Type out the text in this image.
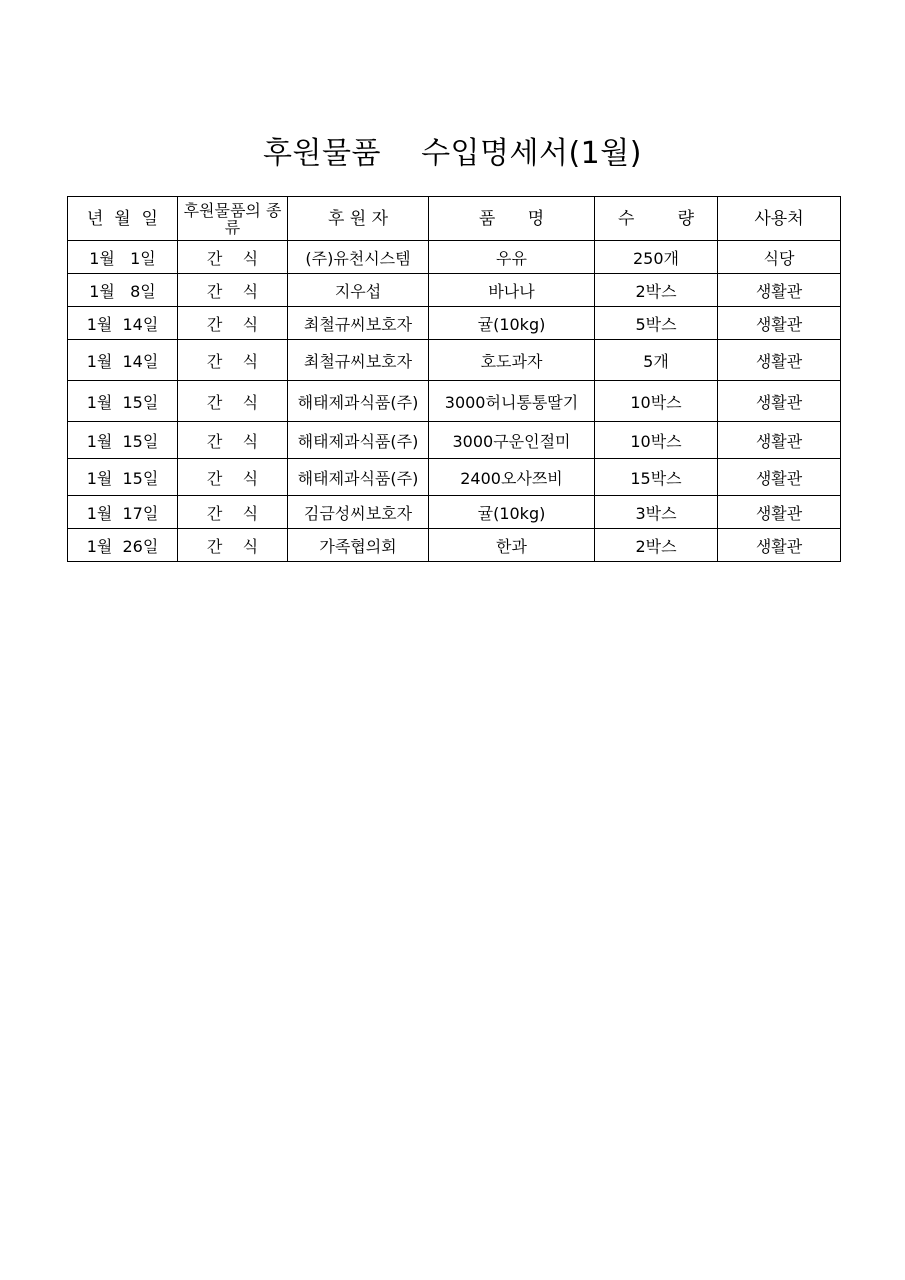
후원물품    수입명세서(1월)
년  월  일	후원물품의 종류	후 원 자	품      명	수        량	사용처
1월   1일	간    식	(주)유천시스템	우유	250개	식당
1월   8일	간    식	지우섭	바나나	2박스	생활관
1월  14일	간    식	최철규씨보호자	귤(10kg)	5박스	생활관
1월  14일	간    식	최철규씨보호자	호도과자	5개	생활관
1월  15일	간    식	해태제과식품(주)	3000허니통통딸기	10박스	생활관
1월  15일	간    식	해태제과식품(주)	3000구운인절미	10박스	생활관
1월  15일	간    식	해태제과식품(주)	2400오사쯔비	15박스	생활관
1월  17일	간    식	김금성씨보호자	귤(10kg)	3박스	생활관
1월  26일	간    식	가족협의회	한과	2박스	생활관
